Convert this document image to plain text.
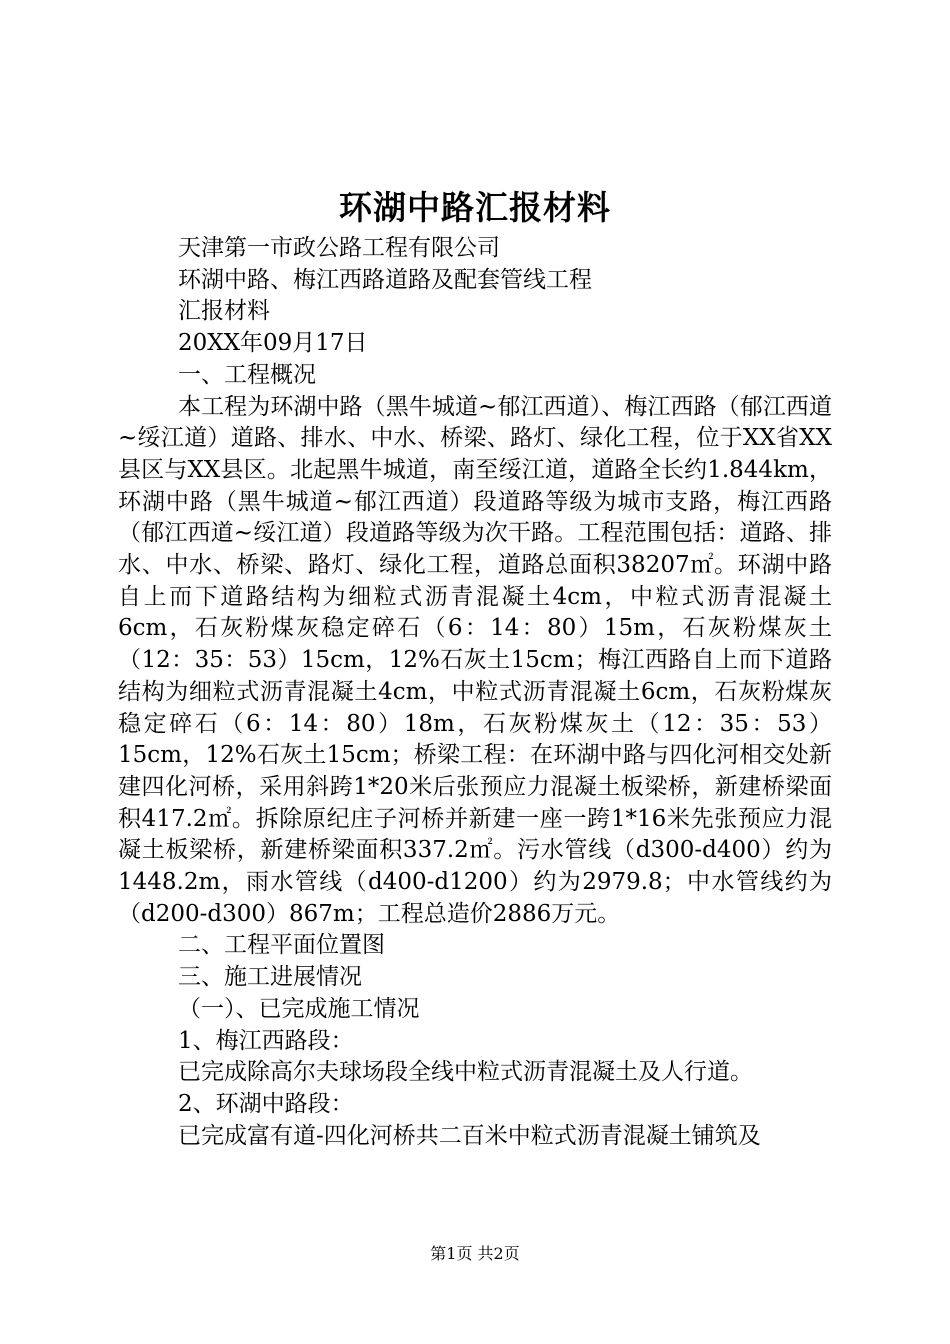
环湖中路汇报材料

天津第一市政公路工程有限公司

环湖中路、梅江西路道路及配套管线工程

汇报材料

20XX年09月17日

一、工程概况

本工程为环湖中路（黑牛城道~郁江西道）、梅江西路（郁江西道~绥江道）道路、排水、中水、桥梁、路灯、绿化工程，位于XX省XX县区与XX县区。北起黑牛城道，南至绥江道，道路全长约1.844km，环湖中路（黑牛城道~郁江西道）段道路等级为城市支路，梅江西路（郁江西道~绥江道）段道路等级为次干路。工程范围包括：道路、排水、中水、桥梁、路灯、绿化工程，道路总面积38207㎡。环湖中路自上而下道路结构为细粒式沥青混凝土4cm，中粒式沥青混凝土6cm，石灰粉煤灰稳定碎石（6：14：80）15m，石灰粉煤灰土（12：35：53）15cm，12%石灰土15cm；梅江西路自上而下道路结构为细粒式沥青混凝土4cm，中粒式沥青混凝土6cm，石灰粉煤灰稳定碎石（6：14：80）18m，石灰粉煤灰土（12：35：53）15cm，12%石灰土15cm；桥梁工程：在环湖中路与四化河相交处新建四化河桥，采用斜跨1*20米后张预应力混凝土板梁桥，新建桥梁面积417.2㎡。拆除原纪庄子河桥并新建一座一跨1*16米先张预应力混凝土板梁桥，新建桥梁面积337.2㎡。污水管线（d300-d400）约为1448.2m，雨水管线（d400-d1200）约为2979.8；中水管线约为（d200-d300）867m；工程总造价2886万元。

二、工程平面位置图

三、施工进展情况

（一）、已完成施工情况

1、梅江西路段：

已完成除高尔夫球场段全线中粒式沥青混凝土及人行道。

2、环湖中路段：

已完成富有道-四化河桥共二百米中粒式沥青混凝土铺筑及

第1页 共2页
